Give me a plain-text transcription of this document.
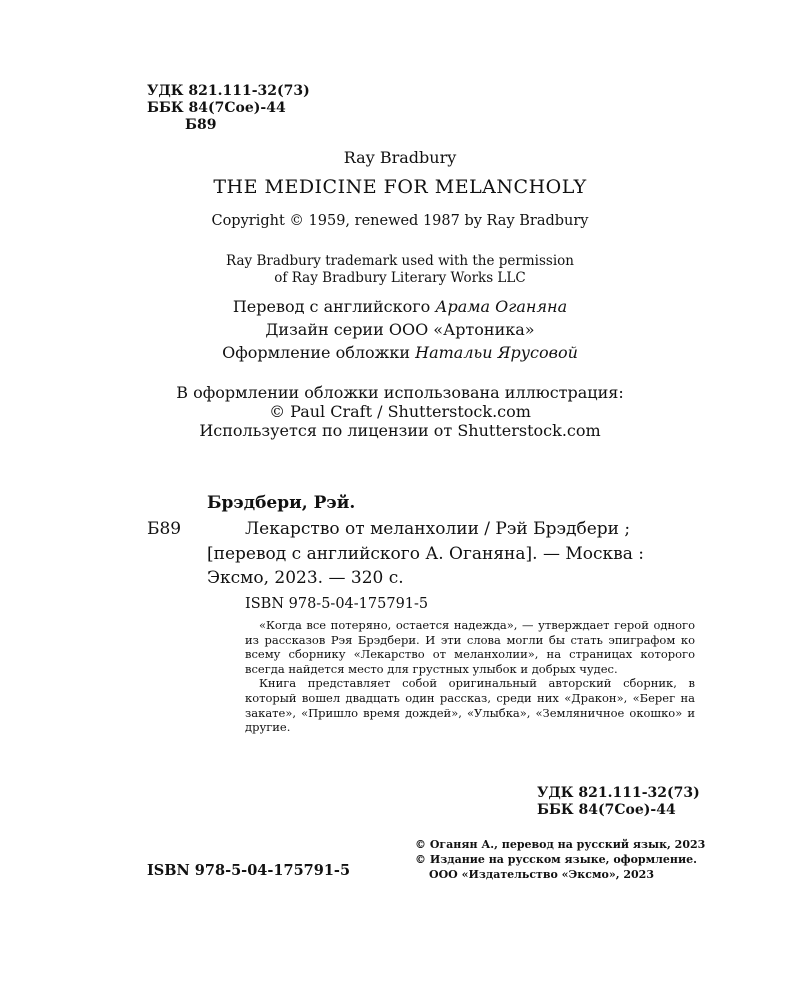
УДК 821.111-32(73)
ББК 84(7Сое)-44
Б89
Ray Bradbury
THE MEDICINE FOR MELANCHOLY
Copyright © 1959, renewed 1987 by Ray Bradbury
Ray Bradbury trademark used with the permission
of Ray Bradbury Literary Works LLC
Перевод с английского Арама Оганяна
Дизайн серии ООО «Артоника»
Оформление обложки Натальи Ярусовой
В оформлении обложки использована иллюстрация:
© Paul Craft / Shutterstock.com
Используется по лицензии от Shutterstock.com
Брэдбери, Рэй.
Б89	Лекарство от меланхолии / Рэй Брэдбери ;
[перевод с английского А. Оганяна]. — Москва :
Эксмо, 2023. — 320 с.
ISBN 978-5-04-175791-5

«Когда все потеряно, остается надежда», — утверждает герой одного из рассказов Рэя Брэдбери. И эти слова могли бы стать эпиграфом ко всему сборнику «Лекарство от меланхолии», на страницах которого всегда найдется место для грустных улыбок и добрых чудес.

Книга представляет собой оригинальный авторский сборник, в который вошел двадцать один рассказ, среди них «Дракон», «Берег на закате», «Пришло время дождей», «Улыбка», «Земляничное окошко» и другие.

УДК 821.111-32(73)
ББК 84(7Сое)-44
ISBN 978-5-04-175791-5
© Оганян А., перевод на русский язык, 2023
© Издание на русском языке, оформление.
ООО «Издательство «Эксмо», 2023
